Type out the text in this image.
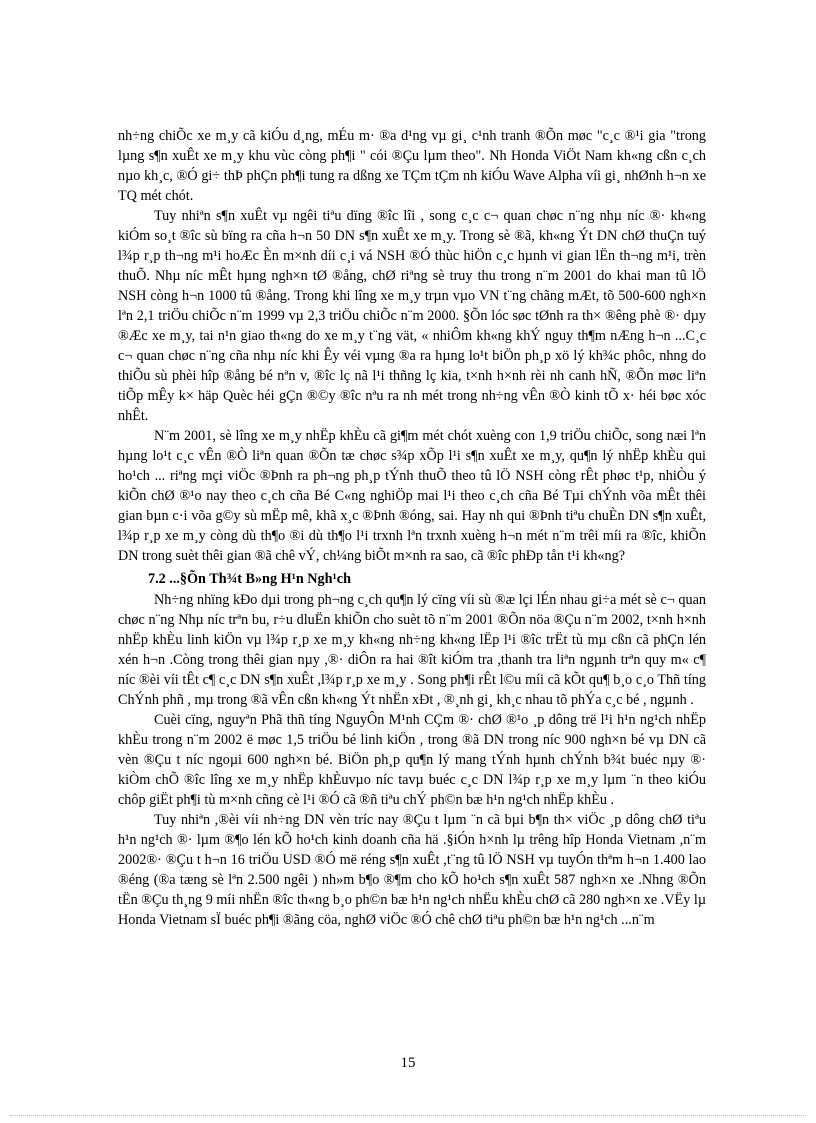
nh÷ng chiÕc xe m¸y cã kiÓu d¸ng, mÉu m· ®a d¹ng vµ gi¸ c¹nh tranh ®Õn møc "c¸c ®¹i gia "trong lµng s¶n xuÊt xe m¸y khu vùc còng ph¶i " cói ®Çu lµm theo". Nh Honda ViÖt Nam kh«ng cßn c¸ch nµo kh¸c, ®Ó gi÷ thÞ phÇn ph¶i tung ra dßng xe TÇm tÇm nh kiÓu Wave Alpha víi gi¸ nhØnh h¬n xe TQ mét chót.

Tuy nhiªn s¶n xuÊt vµ ngêi tiªu dïng ®îc lîi , song c¸c c¬ quan chøc n¨ng nhµ níc ®· kh«ng kiÓm so¸t ®îc sù bïng ra cña h¬n 50 DN s¶n xuÊt xe m¸y. Trong sè ®ã, kh«ng Ýt DN chØ thuÇn tuý l¾p r¸p th¬ng m¹i hoÆc Èn m×nh díi c¸i vá NSH ®Ó thùc hiÖn c¸c hµnh vi gian lËn th¬ng m¹i, trèn thuÕ. Nhµ níc mÊt hµng ngh×n tØ ®ång, chØ riªng sè truy thu trong n¨m 2001 do khai man tû lÖ NSH còng h¬n 1000 tû ®ång. Trong khi lîng xe m¸y trµn vµo VN t¨ng chãng mÆt, tõ 500-600 ngh×n lªn 2,1 triÖu chiÕc n¨m 1999 vµ 2,3 triÖu chiÕc n¨m 2000. §Õn lóc søc tØnh ra th× ®êng phè ®· dµy ®Æc xe m¸y, tai n¹n giao th«ng do xe m¸y t¨ng vät, « nhiÔm kh«ng khÝ nguy th¶m nÆng h¬n ...C¸c c¬ quan chøc n¨ng cña nhµ níc khi Êy véi vµng ®a ra hµng lo¹t biÖn ph¸p xö lý kh¾c phôc, nhng do thiÕu sù phèi hîp ®ång bé nªn v, ®îc lç nã l¹i thñng lç kia, t×nh h×nh rèi nh canh hÑ, ®Õn møc liªn tiÕp mÊy k× häp Quèc héi gÇn ®©y ®îc nªu ra nh mét trong nh÷ng vÊn ®Ò kinh tÕ x· héi bøc xóc nhÊt.

N¨m 2001, sè lîng xe m¸y nhËp khÈu cã gi¶m mét chót xuèng con 1,9 triÖu chiÕc, song næi lªn hµng lo¹t c¸c vÊn ®Ò liªn quan ®Õn tæ chøc s¾p xÕp l¹i s¶n xuÊt xe m¸y, qu¶n lý nhËp khÈu qui ho¹ch ... riªng mçi viÖc ®Þnh ra ph¬ng ph¸p tÝnh thuÕ theo tû lÖ NSH còng rÊt phøc t¹p, nhiÒu ý kiÕn chØ ®¹o nay theo c¸ch cña Bé C«ng nghiÖp mai l¹i theo c¸ch cña Bé Tµi chÝnh võa mÊt thêi gian bµn c·i võa g©y sù mËp mê, khã x¸c ®Þnh ®óng, sai. Hay nh qui ®Þnh tiªu chuÈn DN s¶n xuÊt, l¾p r¸p xe m¸y còng dù th¶o ®i dù th¶o l¹i trxnh lªn trxnh xuèng h¬n mét n¨m trêi míi ra ®îc, khiÕn DN trong suèt thêi gian ®ã chê vÝ, ch¼ng biÕt m×nh ra sao, cã ®îc phÐp tån t¹i kh«ng?

7.2 ...§Õn Th¾t B»ng H¹n Ngh¹ch

Nh÷ng nhïng kÐo dµi trong ph¬ng c¸ch qu¶n lý cïng víi sù ®æ lçi lÉn nhau gi÷a mét sè c¬ quan chøc n¨ng Nhµ níc trªn bu, r÷u dluËn khiÕn cho suèt tõ n¨m 2001 ®Õn nöa ®Çu n¨m 2002, t×nh h×nh nhËp khÈu linh kiÖn vµ l¾p r¸p xe m¸y kh«ng nh÷ng kh«ng lËp l¹i ®îc trËt tù mµ cßn cã phÇn lén xén h¬n .Còng trong thêi gian nµy ,®· diÔn ra hai ®ît kiÓm tra ,thanh tra liªn ngµnh trªn quy m« c¶ níc ®èi víi tÊt c¶ c¸c DN s¶n xuÊt ,l¾p r¸p xe m¸y . Song ph¶i rÊt l©u míi cã kÕt qu¶ b¸o c¸o Thñ tíng ChÝnh phñ , mµ trong ®ã vÊn cßn kh«ng Ýt nhËn xÐt , ®¸nh gi¸ kh¸c nhau tõ phÝa c¸c bé , ngµnh .

Cuèi cïng, nguyªn Phã thñ tíng NguyÔn M¹nh CÇm ®· chØ ®¹o ¸p dông trë l¹i h¹n ng¹ch nhËp khÈu trong n¨m 2002 ë møc 1,5 triÖu bé linh kiÖn , trong ®ã DN trong níc 900 ngh×n bé vµ DN cã vèn ®Çu t níc ngoµi 600 ngh×n bé. BiÖn ph¸p qu¶n lý mang tÝnh hµnh chÝnh b¾t buéc nµy ®· kiÒm chÕ ®îc lîng xe m¸y nhËp khÈuvµo níc tavµ buéc c¸c DN l¾p r¸p xe m¸y lµm ¨n theo kiÓu chôp giËt ph¶i tù m×nh cñng cè l¹i ®Ó cã ®ñ tiªu chÝ ph©n bæ h¹n ng¹ch nhËp khÈu .

Tuy nhiªn ,®èi víi nh÷ng DN vèn tríc nay ®Çu t lµm ¨n cã bµi b¶n th× viÖc ¸p dông chØ tiªu h¹n ng¹ch ®· lµm ®¶o lén kÕ ho¹ch kinh doanh cña hä .§iÓn h×nh lµ trêng hîp Honda Vietnam ,n¨m 2002®· ®Çu t h¬n 16 triÖu USD ®Ó më réng s¶n xuÊt ,t¨ng tû lÖ NSH vµ tuyÓn thªm h¬n 1.400 lao ®éng (®a tæng sè lªn 2.500 ngêi ) nh»m b¶o ®¶m cho kÕ ho¹ch s¶n xuÊt 587 ngh×n xe .Nhng ®Õn tËn ®Çu th¸ng 9 míi nhËn ®îc th«ng b¸o ph©n bæ h¹n ng¹ch nhËu khÈu chØ cã 280 ngh×n xe .VËy lµ Honda Vietnam sÏ buéc ph¶i ®ãng cöa, nghØ viÖc ®Ó chê chØ tiªu ph©n bæ h¹n ng¹ch ...n¨m

15
